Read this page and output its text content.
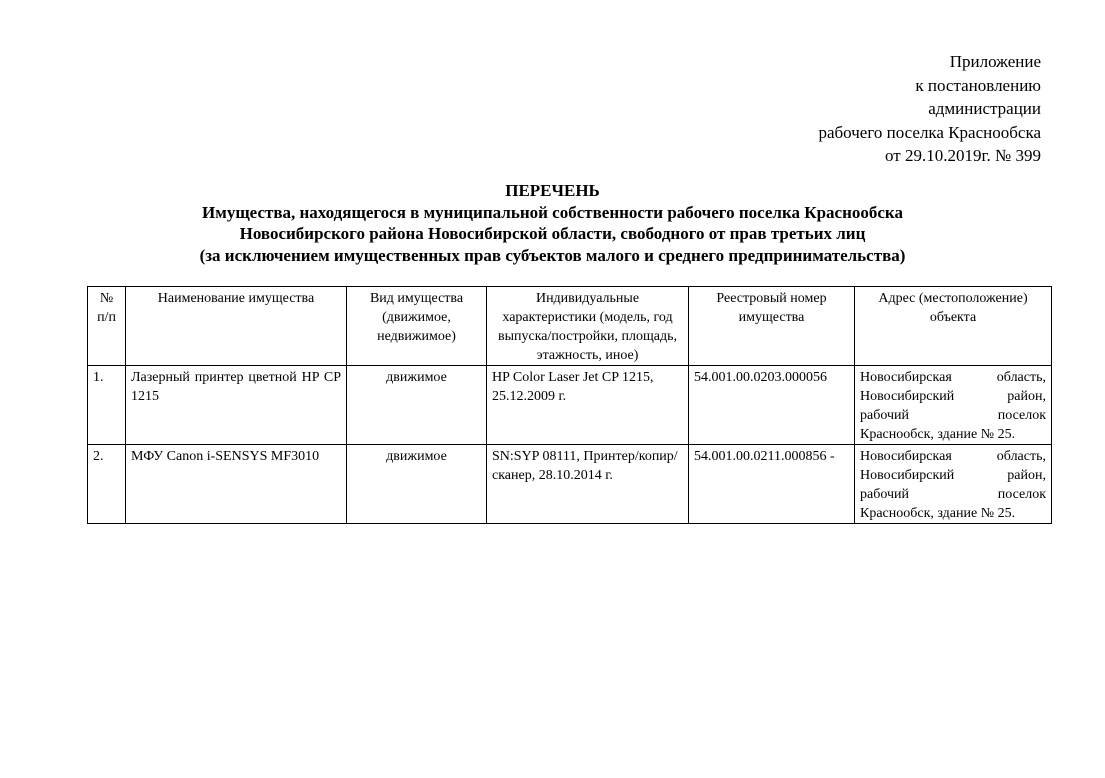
Приложение
к постановлению
администрации
рабочего поселка Краснообска
от 29.10.2019г. № 399
ПЕРЕЧЕНЬ
Имущества, находящегося в муниципальной собственности рабочего поселка Краснообска
Новосибирского района Новосибирской области, свободного от прав третьих лиц
(за исключением имущественных прав субъектов малого и среднего предпринимательства)
№ п/п	Наименование имущества	Вид имущества (движимое, недвижимое)	Индивидуальные характеристики (модель, год выпуска/постройки, площадь, этажность, иное)	Реестровый номер имущества	Адрес (местоположение) объекта
1.	Лазерный принтер цветной HP CP 1215	движимое	HP Color Laser Jet CP 1215, 25.12.2009 г.	54.001.00.0203.000056	Новосибирская область,
Новосибирский район,
рабочий поселок
Краснообск, здание № 25.

2.	МФУ Canon i-SENSYS MF3010	движимое	SN:SYP 08111, Принтер/копир/сканер, 28.10.2014 г.	54.001.00.0211.000856 -	Новосибирская область,
Новосибирский район,
рабочий поселок
Краснообск, здание № 25.
